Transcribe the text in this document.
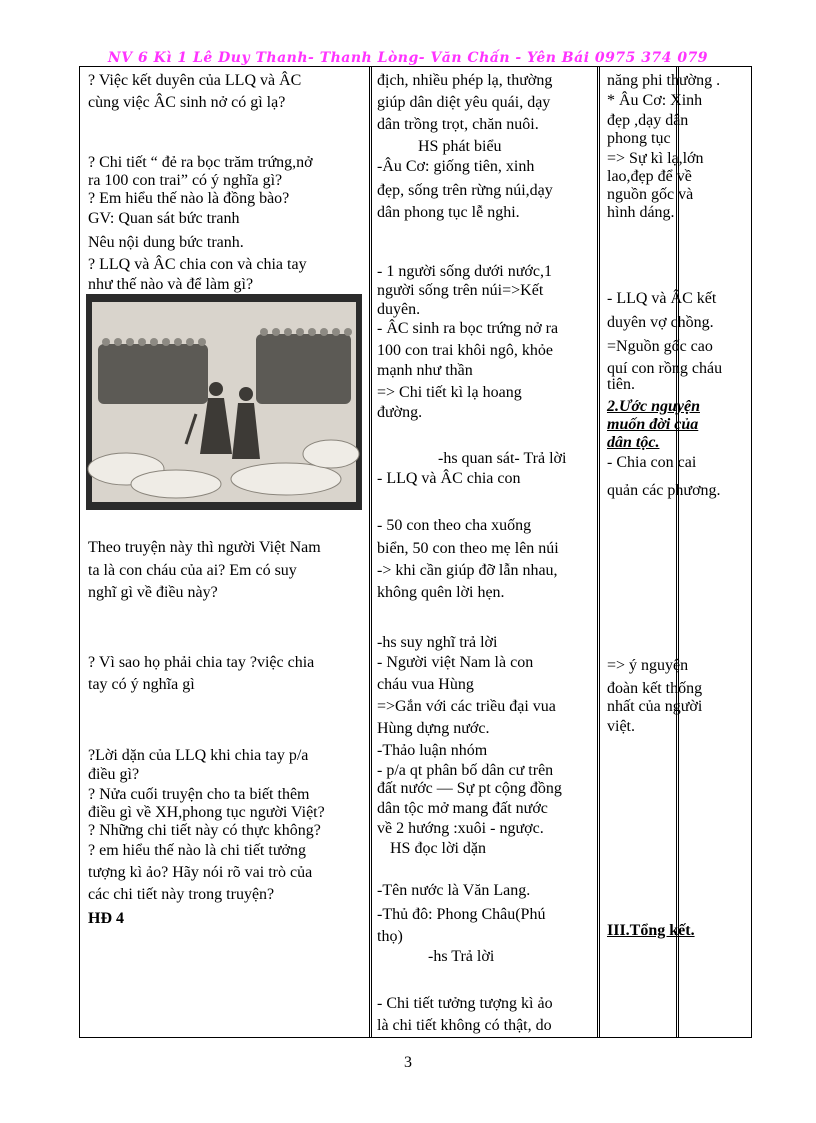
NV 6 Kì 1 Lê Duy Thanh- Thanh Lòng- Văn Chấn - Yên Bái 0975 374 079
? Việc kết duyên của LLQ và ÂC
cùng việc ÂC sinh nở có gì lạ?
? Chi tiết “ đẻ ra bọc trăm trứng,nở
ra 100 con trai” có ý nghĩa gì?
? Em hiểu thế nào là đồng bào?
GV: Quan sát bức tranh
Nêu nội dung bức tranh.
? LLQ và ÂC chia con và chia tay
như thế nào và để làm gì?
Theo truyện này thì người Việt Nam
ta là con cháu của ai? Em có suy
nghĩ gì về điều này?
? Vì sao họ phải chia tay ?việc chia
tay có ý nghĩa gì
?Lời dặn của LLQ khi chia tay p/a
điều gì?
? Nửa cuối truyện cho ta biết thêm
điều gì về XH,phong tục người Việt?
? Những chi tiết này có thực không?
? em hiểu thế nào là chi tiết tưởng
tượng kì ảo? Hãy nói rõ vai trò của
các chi tiết này trong truyện?
HĐ 4
địch, nhiều phép lạ, thường
giúp dân diệt yêu quái, dạy
dân trồng trọt, chăn nuôi.
HS phát biểu
-Âu Cơ: giống tiên, xinh
đẹp, sống trên rừng núi,dạy
dân phong tục lễ nghi.
- 1 người sống dưới nước,1
người sống trên núi=>Kết
duyên.
- ÂC sinh ra bọc trứng nở ra
100 con trai khôi ngô, khỏe
mạnh như thần
=> Chi tiết kì lạ hoang
đường.
-hs quan sát- Trả lời
- LLQ và ÂC chia con
- 50 con theo cha xuống
biển, 50 con theo mẹ lên núi
-> khi cần giúp đỡ lẫn nhau,
không quên lời hẹn.
-hs suy nghĩ trả lời
- Người việt Nam là con
cháu vua Hùng
=>Gắn với các triều đại vua
Hùng dựng nước.
-Thảo luận nhóm
- p/a qt phân bố dân cư trên
đất nước — Sự pt cộng đồng
dân tộc mở mang đất nước
về 2 hướng :xuôi - ngược.
HS đọc lời dặn
-Tên nước là Văn Lang.
-Thủ đô: Phong Châu(Phú
thọ)
-hs Trả lời
- Chi tiết tưởng tượng kì ảo
là chi tiết không có thật, do
năng phi thường .
* Âu Cơ: Xinh
đẹp ,dạy dân
phong tục
=> Sự kì lạ,lớn
lao,đẹp để về
nguồn gốc và
hình dáng.
- LLQ và ÂC kết
duyên vợ chồng.
=Nguồn gốc cao
quí con rồng cháu
tiên.
2.Ước nguyện
muốn đời của
dân tộc.
- Chia con cai
quản các phương.
=> ý nguyện
đoàn kết thống
nhất của người
việt.
III.Tổng kết.
3
